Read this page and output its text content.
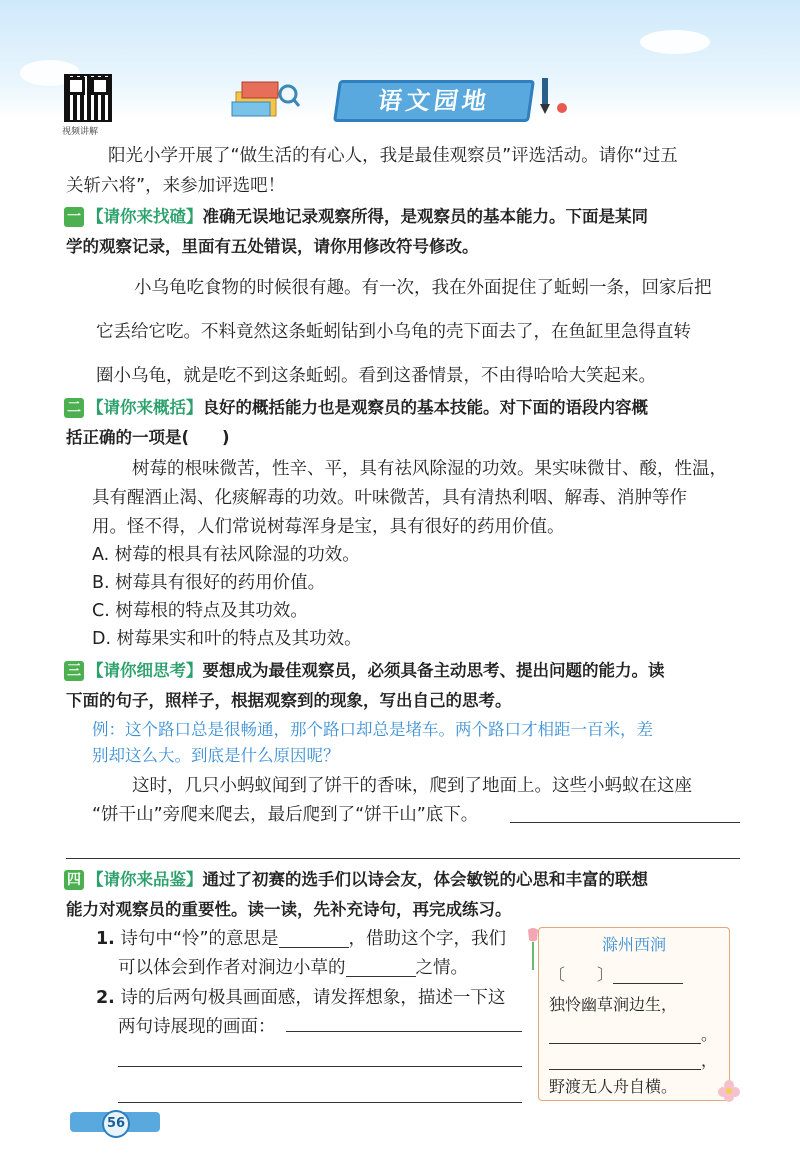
视频讲解
语文园地
阳光小学开展了“做生活的有心人，我是最佳观察员”评选活动。请你“过五
关斩六将”，来参加评选吧！
一 【请你来找碴】准确无误地记录观察所得，是观察员的基本能力。下面是某同
学的观察记录，里面有五处错误，请你用修改符号修改。
小乌龟吃食物的时候很有趣。有一次，我在外面捉住了蚯蚓一条，回家后把
它丢给它吃。不料竟然这条蚯蚓钻到小乌龟的壳下面去了，在鱼缸里急得直转
圈小乌龟，就是吃不到这条蚯蚓。看到这番情景，不由得哈哈大笑起来。
二 【请你来概括】良好的概括能力也是观察员的基本技能。对下面的语段内容概
括正确的一项是(　　)
树莓的根味微苦，性辛、平，具有祛风除湿的功效。果实味微甘、酸，性温，
具有醒酒止渴、化痰解毒的功效。叶味微苦，具有清热利咽、解毒、消肿等作
用。怪不得，人们常说树莓浑身是宝，具有很好的药用价值。
A. 树莓的根具有祛风除湿的功效。
B. 树莓具有很好的药用价值。
C. 树莓根的特点及其功效。
D. 树莓果实和叶的特点及其功效。
三 【请你细思考】要想成为最佳观察员，必须具备主动思考、提出问题的能力。读
下面的句子，照样子，根据观察到的现象，写出自己的思考。
例：这个路口总是很畅通，那个路口却总是堵车。两个路口才相距一百米，差
别却这么大。到底是什么原因呢？
这时，几只小蚂蚁闻到了饼干的香味，爬到了地面上。这些小蚂蚁在这座
“饼干山”旁爬来爬去，最后爬到了“饼干山”底下。
四 【请你来品鉴】通过了初赛的选手们以诗会友，体会敏锐的心思和丰富的联想
能力对观察员的重要性。读一读，先补充诗句，再完成练习。
1. 诗句中“怜”的意思是	，借助这个字，我们
可以体会到作者对涧边小草的	之情。
2. 诗的后两句极具画面感，请发挥想象，描述一下这
两句诗展现的画面：
滁州西涧
〔　　〕
独怜幽草涧边生，
。
，
野渡无人舟自横。
56
